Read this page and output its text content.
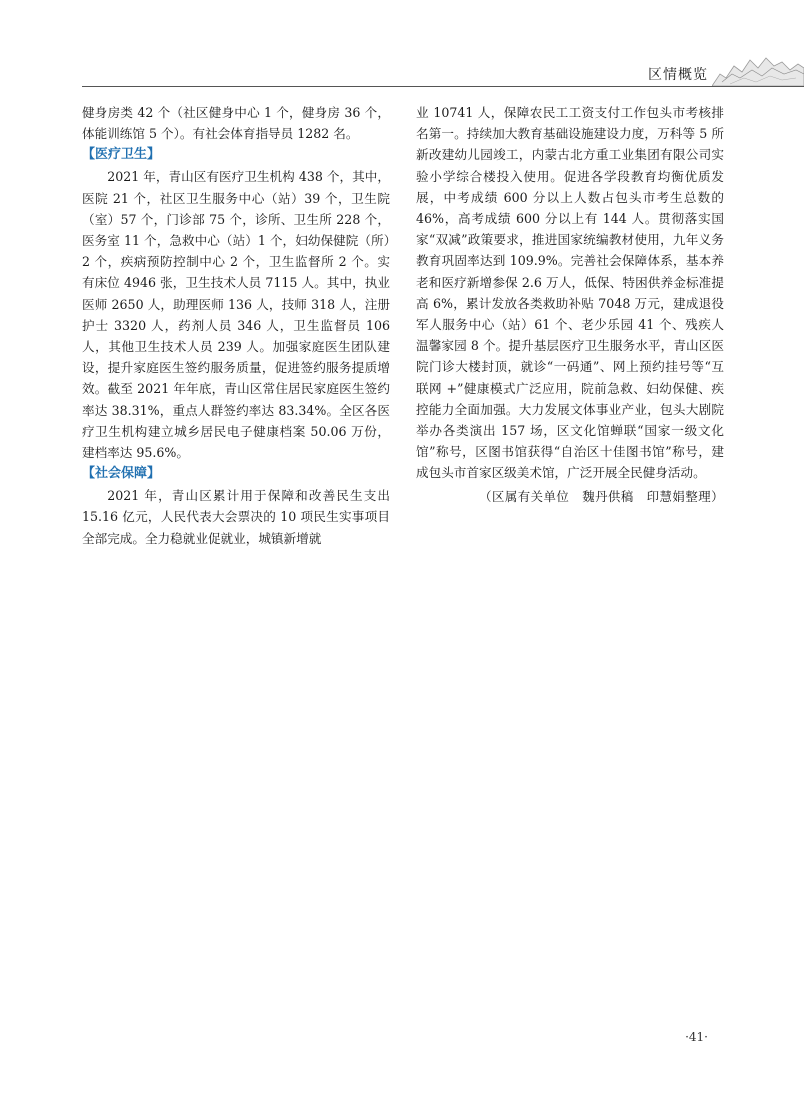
区情概览

健身房类 42 个（社区健身中心 1 个，健身房 36 个，体能训练馆 5 个）。有社会体育指导员 1282 名。

【医疗卫生】

2021 年，青山区有医疗卫生机构 438 个，其中，医院 21 个，社区卫生服务中心（站）39 个，卫生院（室）57 个，门诊部 75 个，诊所、卫生所 228 个，医务室 11 个，急救中心（站）1 个，妇幼保健院（所）2 个，疾病预防控制中心 2 个，卫生监督所 2 个。实有床位 4946 张，卫生技术人员 7115 人。其中，执业医师 2650 人，助理医师 136 人，技师 318 人，注册护士 3320 人，药剂人员 346 人，卫生监督员 106 人，其他卫生技术人员 239 人。加强家庭医生团队建设，提升家庭医生签约服务质量，促进签约服务提质增效。截至 2021 年年底，青山区常住居民家庭医生签约率达 38.31%，重点人群签约率达 83.34%。全区各医疗卫生机构建立城乡居民电子健康档案 50.06 万份，建档率达 95.6%。

【社会保障】

2021 年，青山区累计用于保障和改善民生支出 15.16 亿元，人民代表大会票决的 10 项民生实事项目全部完成。全力稳就业促就业，城镇新增就

业 10741 人，保障农民工工资支付工作包头市考核排名第一。持续加大教育基础设施建设力度，万科等 5 所新改建幼儿园竣工，内蒙古北方重工业集团有限公司实验小学综合楼投入使用。促进各学段教育均衡优质发展，中考成绩 600 分以上人数占包头市考生总数的 46%，高考成绩 600 分以上有 144 人。贯彻落实国家“双减”政策要求，推进国家统编教材使用，九年义务教育巩固率达到 109.9%。完善社会保障体系，基本养老和医疗新增参保 2.6 万人，低保、特困供养金标准提高 6%，累计发放各类救助补贴 7048 万元，建成退役军人服务中心（站）61 个、老少乐园 41 个、残疾人温馨家园 8 个。提升基层医疗卫生服务水平，青山区医院门诊大楼封顶，就诊“一码通”、网上预约挂号等“互联网 +”健康模式广泛应用，院前急救、妇幼保健、疾控能力全面加强。大力发展文体事业产业，包头大剧院举办各类演出 157 场，区文化馆蝉联“国家一级文化馆”称号，区图书馆获得“自治区十佳图书馆”称号，建成包头市首家区级美术馆，广泛开展全民健身活动。

（区属有关单位　魏丹供稿　印慧娟整理）
·41·
